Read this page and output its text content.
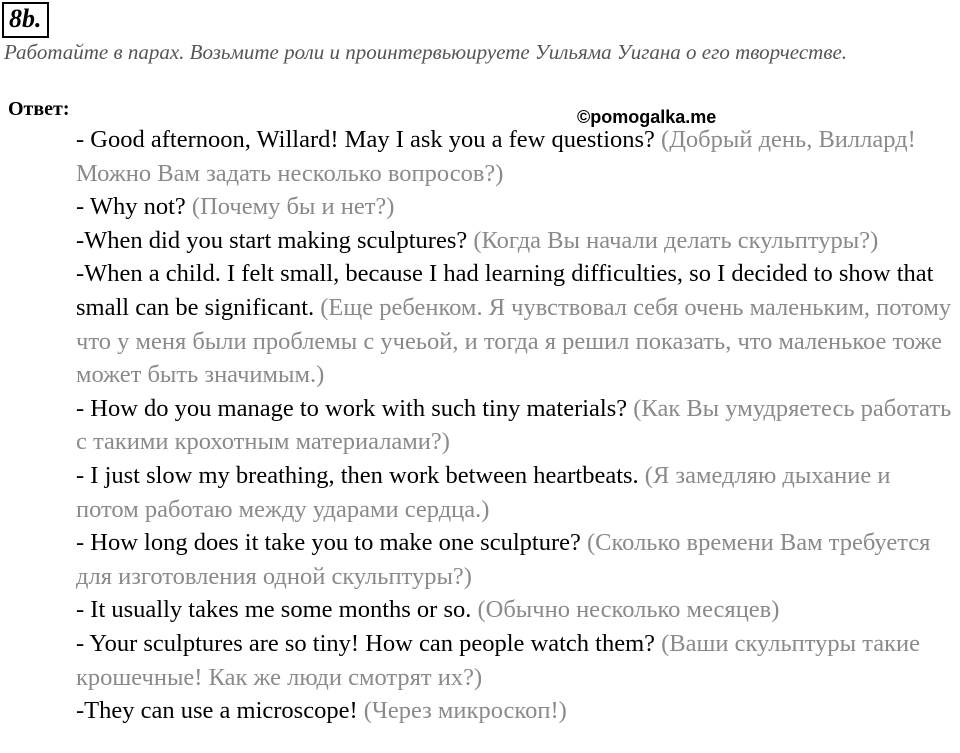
8b.
Работайте в парах. Возьмите роли и проинтервьюируете Уильяма Уигана о его творчестве.
Ответ:	©pomogalka.me
- Good afternoon, Willard! May I ask you a few questions? (Добрый день, Виллард! Можно Вам задать несколько вопросов?)
- Why not? (Почему бы и нет?)
-When did you start making sculptures? (Когда Вы начали делать скульптуры?)
-When a child. I felt small, because I had learning difficulties, so I decided to show that small can be significant. (Еще ребенком. Я чувствовал себя очень маленьким, потому что у меня были проблемы с учеьой, и тогда я решил показать, что маленькое тоже может быть значимым.)
- How do you manage to work with such tiny materials? (Как Вы умудряетесь работать с такими крохотным материалами?)
- I just slow my breathing, then work between heartbeats. (Я замедляю дыхание и потом работаю между ударами сердца.)
- How long does it take you to make one sculpture? (Сколько времени Вам требуется для изготовления одной скульптуры?)
- It usually takes me some months or so. (Обычно несколько месяцев)
- Your sculptures are so tiny! How can people watch them? (Ваши скульптуры такие крошечные! Как же люди смотрят их?)
-They can use a microscope! (Через микроскоп!)
